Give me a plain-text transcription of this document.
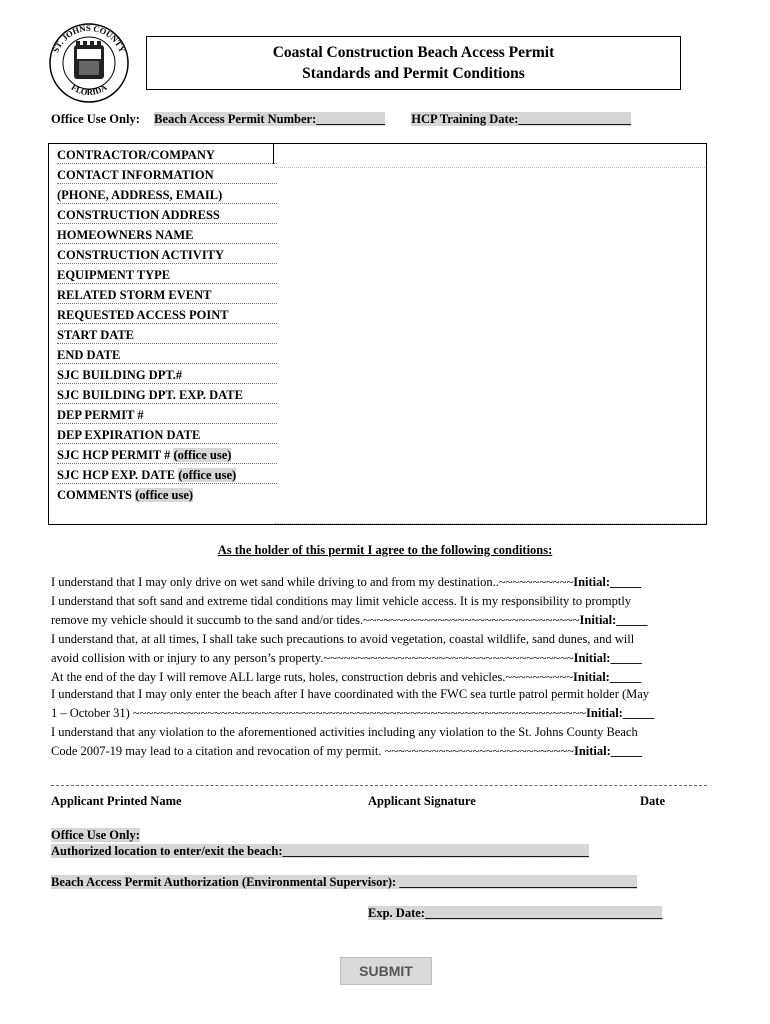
ST. JOHNS COUNTY
FLORIDA
Coastal Construction Beach Access Permit
Standards and Permit Conditions
Office Use Only: Beach Access Permit Number:___________ HCP Training Date:__________________
CONTRACTOR/COMPANY
CONTACT INFORMATION
(PHONE, ADDRESS, EMAIL)
CONSTRUCTION ADDRESS
HOMEOWNERS NAME
CONSTRUCTION ACTIVITY
EQUIPMENT TYPE
RELATED STORM EVENT
REQUESTED ACCESS POINT
START DATE
END DATE
SJC BUILDING DPT.#
SJC BUILDING DPT. EXP. DATE
DEP PERMIT #
DEP EXPIRATION DATE
SJC HCP PERMIT # (office use)
SJC HCP EXP. DATE (office use)
COMMENTS (office use)
As the holder of this permit I agree to the following conditions:
I understand that I may only drive on wet sand while driving to and from my destination..~~~~~~~~~~~Initial:_____
I understand that soft sand and extreme tidal conditions may limit vehicle access. It is my responsibility to promptly
remove my vehicle should it succumb to the sand and/or tides.~~~~~~~~~~~~~~~~~~~~~~~~~~~~~~~~Initial:_____
I understand that, at all times, I shall take such precautions to avoid vegetation, coastal wildlife, sand dunes, and will
avoid collision with or injury to any person’s property.~~~~~~~~~~~~~~~~~~~~~~~~~~~~~~~~~~~~~Initial:_____
At the end of the day I will remove ALL large ruts, holes, construction debris and vehicles.~~~~~~~~~~Initial:_____
I understand that I may only enter the beach after I have coordinated with the FWC sea turtle patrol permit holder (May
1 – October 31) ~~~~~~~~~~~~~~~~~~~~~~~~~~~~~~~~~~~~~~~~~~~~~~~~~~~~~~~~~~~~~~~~~~~Initial:_____
I understand that any violation to the aforementioned activities including any violation to the St. Johns County Beach
Code 2007-19 may lead to a citation and revocation of my permit. ~~~~~~~~~~~~~~~~~~~~~~~~~~~~Initial:_____
Applicant Printed Name	Applicant Signature	Date
Office Use Only:
Authorized location to enter/exit the beach:_________________________________________________
Beach Access Permit Authorization (Environmental Supervisor): ______________________________________
Exp. Date:______________________________________
SUBMIT
